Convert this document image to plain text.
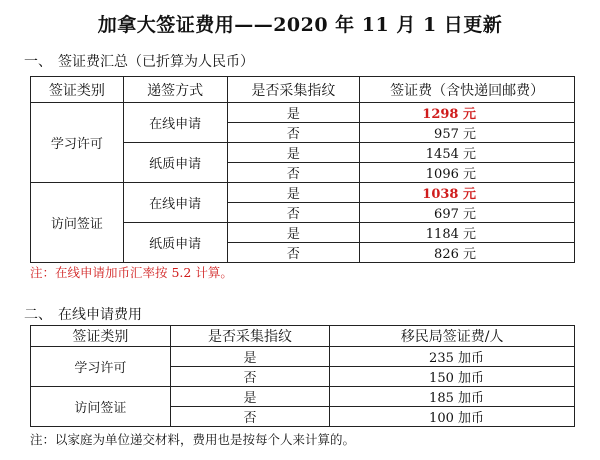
加拿大签证费用——2020 年 11 月 1 日更新
一、 签证费汇总（已折算为人民币）
签证类别	递签方式	是否采集指纹	签证费（含快递回邮费）
学习许可	在线申请	是	1298 元
		否	957 元
	纸质申请	是	1454 元
		否	1096 元
访问签证	在线申请	是	1038 元
		否	697 元
	纸质申请	是	1184 元
		否	826 元
注：在线申请加币汇率按 5.2 计算。
二、 在线申请费用
签证类别	是否采集指纹	移民局签证费/人
学习许可	是	235 加币
	否	150 加币
访问签证	是	185 加币
	否	100 加币
注：以家庭为单位递交材料，费用也是按每个人来计算的。
